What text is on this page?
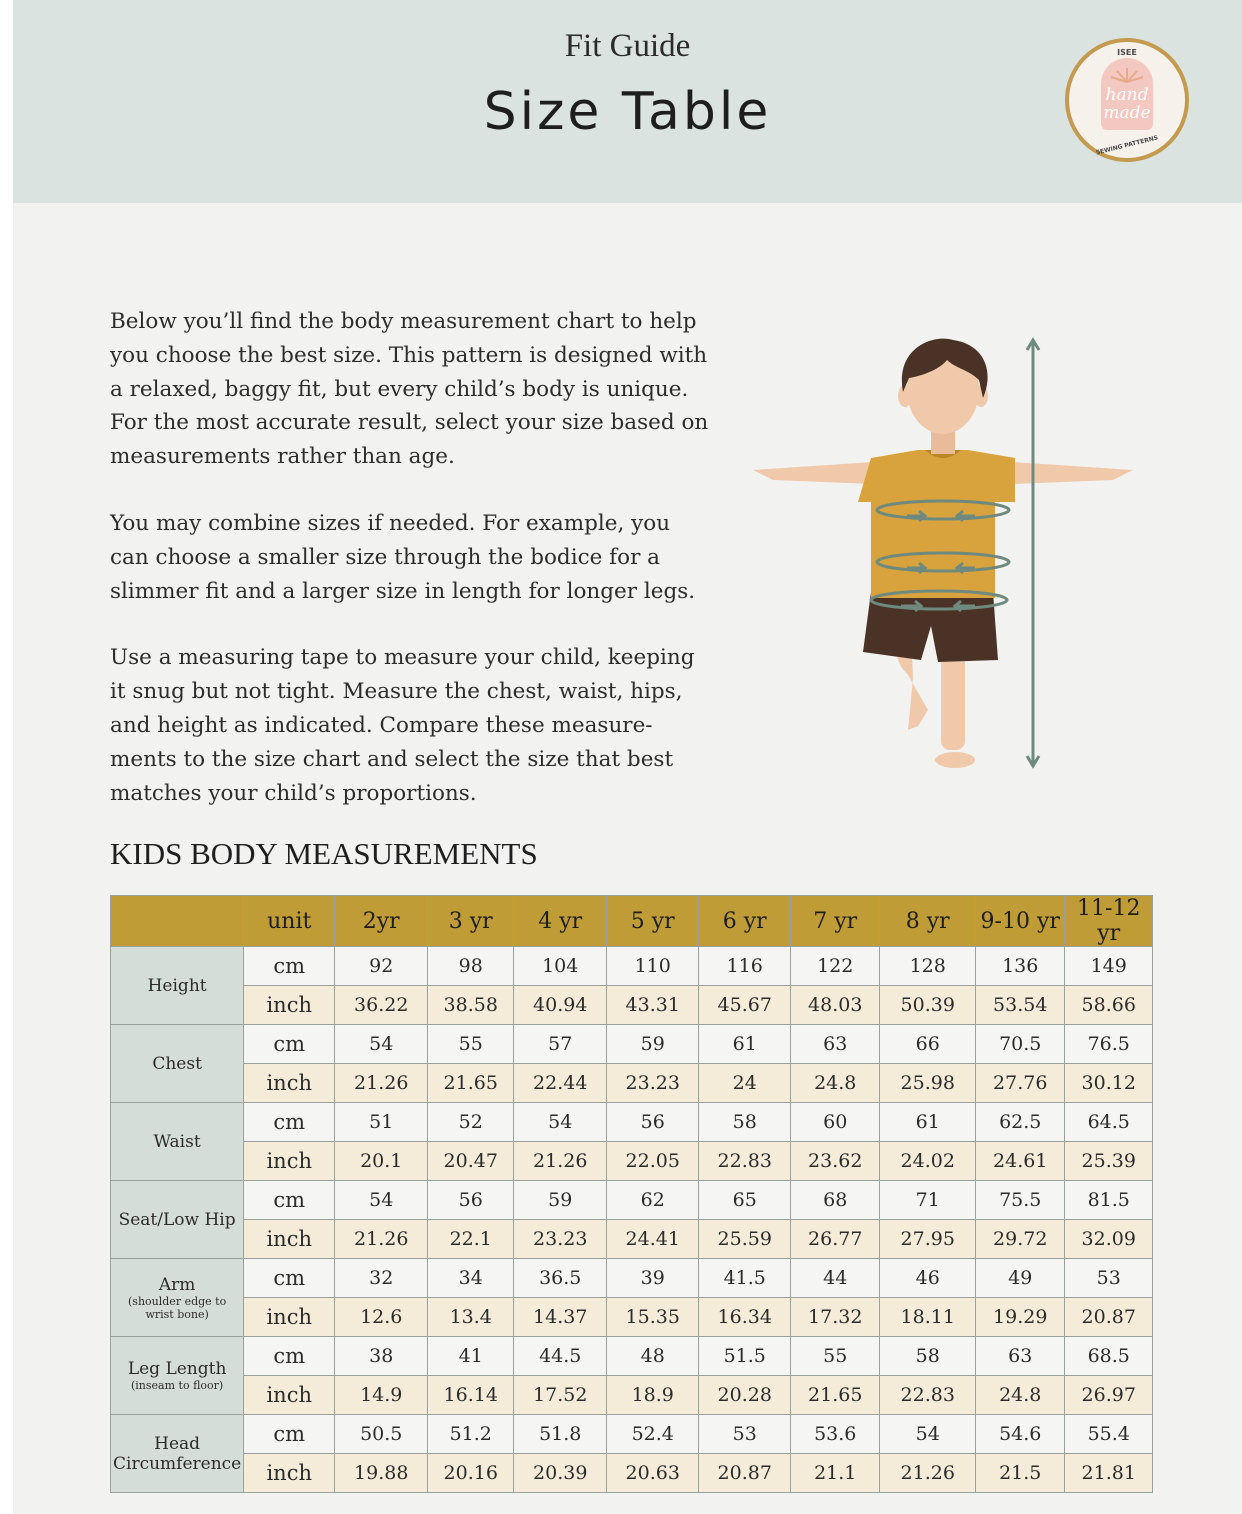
Fit Guide
Size Table
ISEE
hand
made
SEWING PATTERNS

Below you’ll find the body measurement chart to help
you choose the best size. This pattern is designed with
a relaxed, baggy fit, but every child’s body is unique.
For the most accurate result, select your size based on
measurements rather than age.

You may combine sizes if needed. For example, you
can choose a smaller size through the bodice for a
slimmer fit and a larger size in length for longer legs.

Use a measuring tape to measure your child, keeping
it snug but not tight. Measure the chest, waist, hips,
and height as indicated. Compare these measure-
ments to the size chart and select the size that best
matches your child’s proportions.

KIDS BODY MEASUREMENTS
	unit	2yr	3 yr	4 yr	5 yr	6 yr	7 yr	8 yr	9-10 yr	11-12 yr
Height	cm	92	98	104	110	116	122	128	136	149
	inch	36.22	38.58	40.94	43.31	45.67	48.03	50.39	53.54	58.66
Chest	cm	54	55	57	59	61	63	66	70.5	76.5
	inch	21.26	21.65	22.44	23.23	24	24.8	25.98	27.76	30.12
Waist	cm	51	52	54	56	58	60	61	62.5	64.5
	inch	20.1	20.47	21.26	22.05	22.83	23.62	24.02	24.61	25.39
Seat/Low Hip	cm	54	56	59	62	65	68	71	75.5	81.5
	inch	21.26	22.1	23.23	24.41	25.59	26.77	27.95	29.72	32.09
Arm
(shoulder edge to wrist bone)	cm	32	34	36.5	39	41.5	44	46	49	53
	inch	12.6	13.4	14.37	15.35	16.34	17.32	18.11	19.29	20.87
Leg Length
(inseam to floor)	cm	38	41	44.5	48	51.5	55	58	63	68.5
	inch	14.9	16.14	17.52	18.9	20.28	21.65	22.83	24.8	26.97
Head Circumference	cm	50.5	51.2	51.8	52.4	53	53.6	54	54.6	55.4
	inch	19.88	20.16	20.39	20.63	20.87	21.1	21.26	21.5	21.81
